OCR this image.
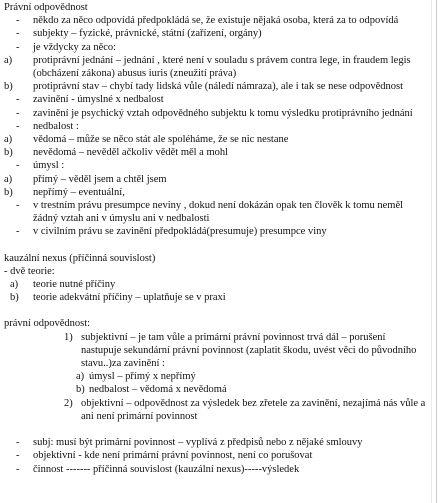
Právní odpovědnost
-	někdo za něco odpovídá předpokládá se, že existuje nějaká osoba, která za to odpovídá
-	subjekty – fyzické, právnické, státní (zařízení, orgány)
-	je vždycky za něco:
a)	protiprávní jednání – jednání , které není v souladu s právem contra lege, in fraudem legis (obcházení zákona) abusus iuris (zneužití práva)
b)	protiprávní stav – chybí tady lidská vůle (náledí námraza), ale i tak se nese odpovědnost
-	zavinění - úmyslné x nedbalost
-	zavinění je psychický vztah odpovědného subjektu k tomu výsledku protiprávního jednání
-	nedbalost :
a)	vědomá – může se něco stát ale spoléháme, že se nic nestane
b)	nevědomá – nevěděl ačkoliv vědět měl a mohl
-	úmysl :
a)	přímý – věděl jsem a chtěl jsem
b)	nepřímý – eventuální,
-	v trestním právu presumpce neviny , dokud není dokázán opak ten člověk k tomu neměl žádný vztah ani v úmyslu ani v nedbalosti
-	v civilním právu se zavinění předpokládá(presumuje) presumpce viny
kauzální nexus (příčinná souvislost)
- dvě teorie:
a)	teorie nutné příčiny
b)	teorie adekvátní příčiny – uplatňuje se v praxi
právní odpovědnost:
1) subjektivní – je tam vůle a primární právní povinnost trvá dál – porušení nastupuje sekundární právní povinnost (zaplatit škodu, uvést věci do původního stavu..)za zavinění :
a) úmysl – přímý x nepřímý
b) nedbalost – vědomá x nevědomá
2) objektivní – odpovědnost za výsledek bez zřetele za zavinění, nezajímá nás vůle a ani není primární povinnost
-	subj: musí být primární povinnost – vyplívá z předpisů nebo z nějaké smlouvy
-	objektivní - kde není primární právní povinnost, není co porušovat
-	činnost ------- příčinná souvislost (kauzální nexus)-----výsledek
